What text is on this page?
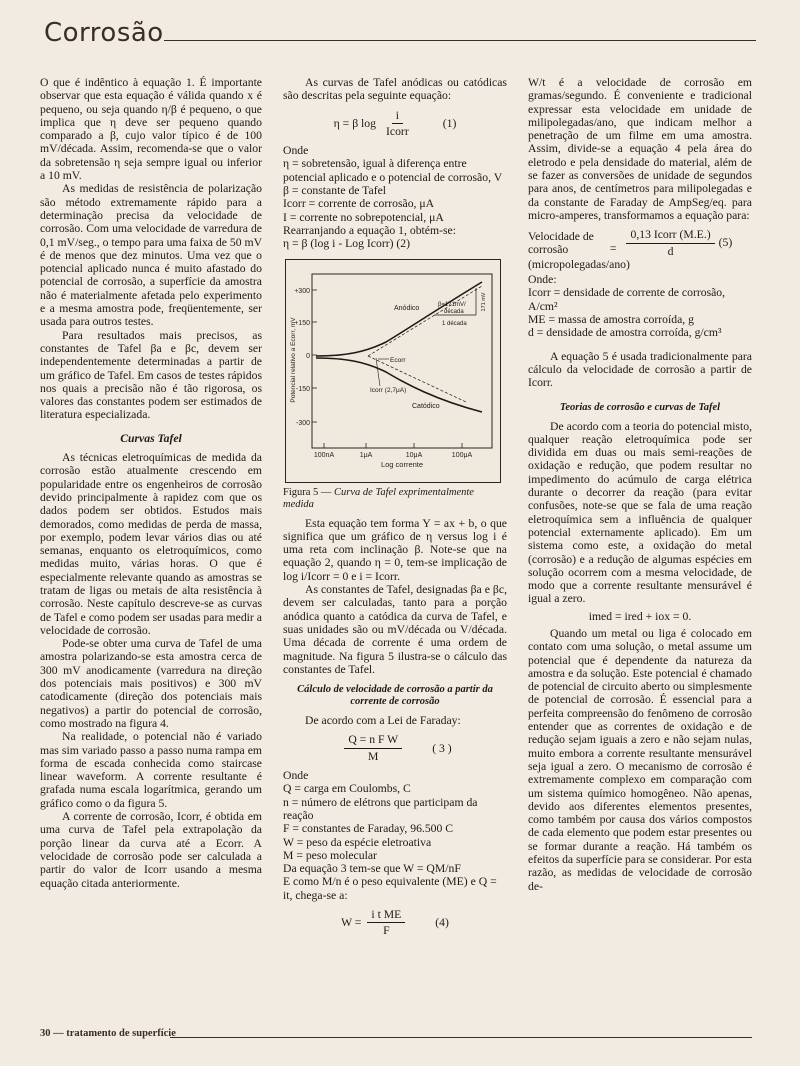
Corrosão

O que é indêntico à equação 1. É importante observar que esta equação é válida quando x é pequeno, ou seja quando η/β é pequeno, o que implica que η deve ser pequeno quando comparado a β, cujo valor típico é de 100 mV/década. Assim, recomenda-se que o valor da sobretensão η seja sempre igual ou inferior a 10 mV.

As medidas de resistência de polarização são método extremamente rápido para a determinação precisa da velocidade de corrosão. Com uma velocidade de varredura de 0,1 mV/seg., o tempo para uma faixa de 50 mV é de menos que dez minutos. Uma vez que o potencial aplicado nunca é muito afastado do potencial de corrosão, a superfície da amostra não é materialmente afetada pelo experimento e a mesma amostra pode, freqüentemente, ser usada para outros testes.

Para resultados mais precisos, as constantes de Tafel βa e βc, devem ser independentemente determinadas a partir de um gráfico de Tafel. Em casos de testes rápidos nos quais a precisão não é tão rigorosa, os valores das constantes podem ser estimados de literatura especializada.

Curvas Tafel

As técnicas eletroquímicas de medida da corrosão estão atualmente crescendo em popularidade entre os engenheiros de corrosão devido principalmente à rapidez com que os dados podem ser obtidos. Estudos mais demorados, como medidas de perda de massa, por exemplo, podem levar vários dias ou até semanas, enquanto os eletroquímicos, como medidas muito, várias horas. O que é especialmente relevante quando as amostras se tratam de ligas ou metais de alta resistência à corrosão. Neste capítulo descreve-se as curvas de Tafel e como podem ser usadas para medir a velocidade de corrosão.

Pode-se obter uma curva de Tafel de uma amostra polarizando-se esta amostra cerca de 300 mV anodicamente (varredura na direção dos potenciais mais positivos) e 300 mV catodicamente (direção dos potenciais mais negativos) a partir do potencial de corrosão, como mostrado na figura 4.

Na realidade, o potencial não é variado mas sim variado passo a passo numa rampa em forma de escada conhecida como staircase linear waveform. A corrente resultante é grafada numa escala logarítmica, gerando um gráfico como o da figura 5.

A corrente de corrosão, Icorr, é obtida em uma curva de Tafel pela extrapolação da porção linear da curva até a Ecorr. A velocidade de corrosão pode ser calculada a partir do valor de Icorr usando a mesma equação citada anteriormente.

As curvas de Tafel anódicas ou catódicas são descritas pela seguinte equação:

η = β $\log \frac{i}{\text{Icorr}}$	(1)

Onde

η = sobretensão, igual à diferença entre potencial aplicado e o potencial de corrosão, V
β = constante de Tafel
Icorr = corrente de corrosão, μA
I = corrente no sobrepotencial, μA
Rearranjando a equação 1, obtém-se:
η = β (log i - Log Icorr) (2)
+300
+150
0
-150
-300
100nA	1μA	10μA	100μA
Log corrente
Potencial relativo a Ecorr, mV
Anódico	β=171mV/
década
1 década
171 mV
Ecorr
Icorr (2,7μA)
Catódico
Figura 5 — Curva de Tafel exprimentalmente medida

Esta equação tem forma Y = ax + b, o que significa que um gráfico de η versus log i é uma reta com inclinação β. Note-se que na equação 2, quando η = 0, tem-se implicação de log i/Icorr = 0 e i = Icorr.

As constantes de Tafel, designadas βa e βc, devem ser calculadas, tanto para a porção anódica quanto a catódica da curva de Tafel, e suas unidades são ou mV/década ou V/década. Uma década de corrente é uma ordem de magnitude. Na figura 5 ilustra-se o cálculo das constantes de Tafel.

Cálculo de velocidade de corrosão a partir da corrente de corrosão

De acordo com a Lei de Faraday:

$\frac{\text{Q = n F W}}{M}$	( 3 )

Onde

Q = carga em Coulombs, C
n = número de elétrons que participam da reação
F = constantes de Faraday, 96.500 C
W = peso da espécie eletroativa
M = peso molecular
Da equação 3 tem-se que W = QM/nF
E como M/n é o peso equivalente (ME) e Q = it, chega-se a:
$W = \frac{\text{i t ME}}{F}$	(4)

W/t é a velocidade de corrosão em gramas/segundo. É conveniente e tradicional expressar esta velocidade em unidade de milipolegadas/ano, que indicam melhor a penetração de um filme em uma amostra. Assim, divide-se a equação 4 pela área do eletrodo e pela densidade do material, além de se fazer as conversões de unidade de segundos para anos, de centímetros para milipolegadas e da constante de Faraday de AmpSeg/eq. para micro-amperes, transformamos a equação para:

Velocidade de
corrosão	= $\frac{\text{0,13 Icorr (M.E.)}}{d} (5)$
(micropolegadas/ano)

Onde:

Icorr = densidade de corrente de corrosão, A/cm²
ME = massa de amostra corroída, g
d = densidade de amostra corroída, g/cm³

A equação 5 é usada tradicionalmente para cálculo da velocidade de corrosão a partir de Icorr.

Teorias de corrosão e curvas de Tafel

De acordo com a teoria do potencial misto, qualquer reação eletroquímica pode ser dividida em duas ou mais semi-reações de oxidação e redução, que podem resultar no impedimento do acúmulo de carga elétrica durante o decorrer da reação (para evitar confusões, note-se que se fala de uma reação eletroquímica sem a influência de qualquer potencial externamente aplicado). Em um sistema como este, a oxidação do metal (corrosão) e a redução de algumas espécies em solução ocorrem com a mesma velocidade, de modo que a corrente resultante mensurável é igual a zero.

imed = ired + iox = 0.

Quando um metal ou liga é colocado em contato com uma solução, o metal assume um potencial que é dependente da natureza da amostra e da solução. Este potencial é chamado de potencial de circuito aberto ou simplesmente de potencial de corrosão. É essencial para a perfeita compreensão do fenômeno de corrosão entender que as correntes de oxidação e de redução sejam iguais a zero e não sejam nulas, muito embora a corrente resultante mensurável seja igual a zero. O mecanismo de corrosão é extremamente complexo em comparação com um sistema químico homogêneo. Não apenas, devido aos diferentes elementos presentes, como também por causa dos vários compostos de cada elemento que podem estar presentes ou se formar durante a reação. Há também os efeitos da superfície para se considerar. Por esta razão, as medidas de velocidade de corrosão de-

30 — tratamento de superfície
